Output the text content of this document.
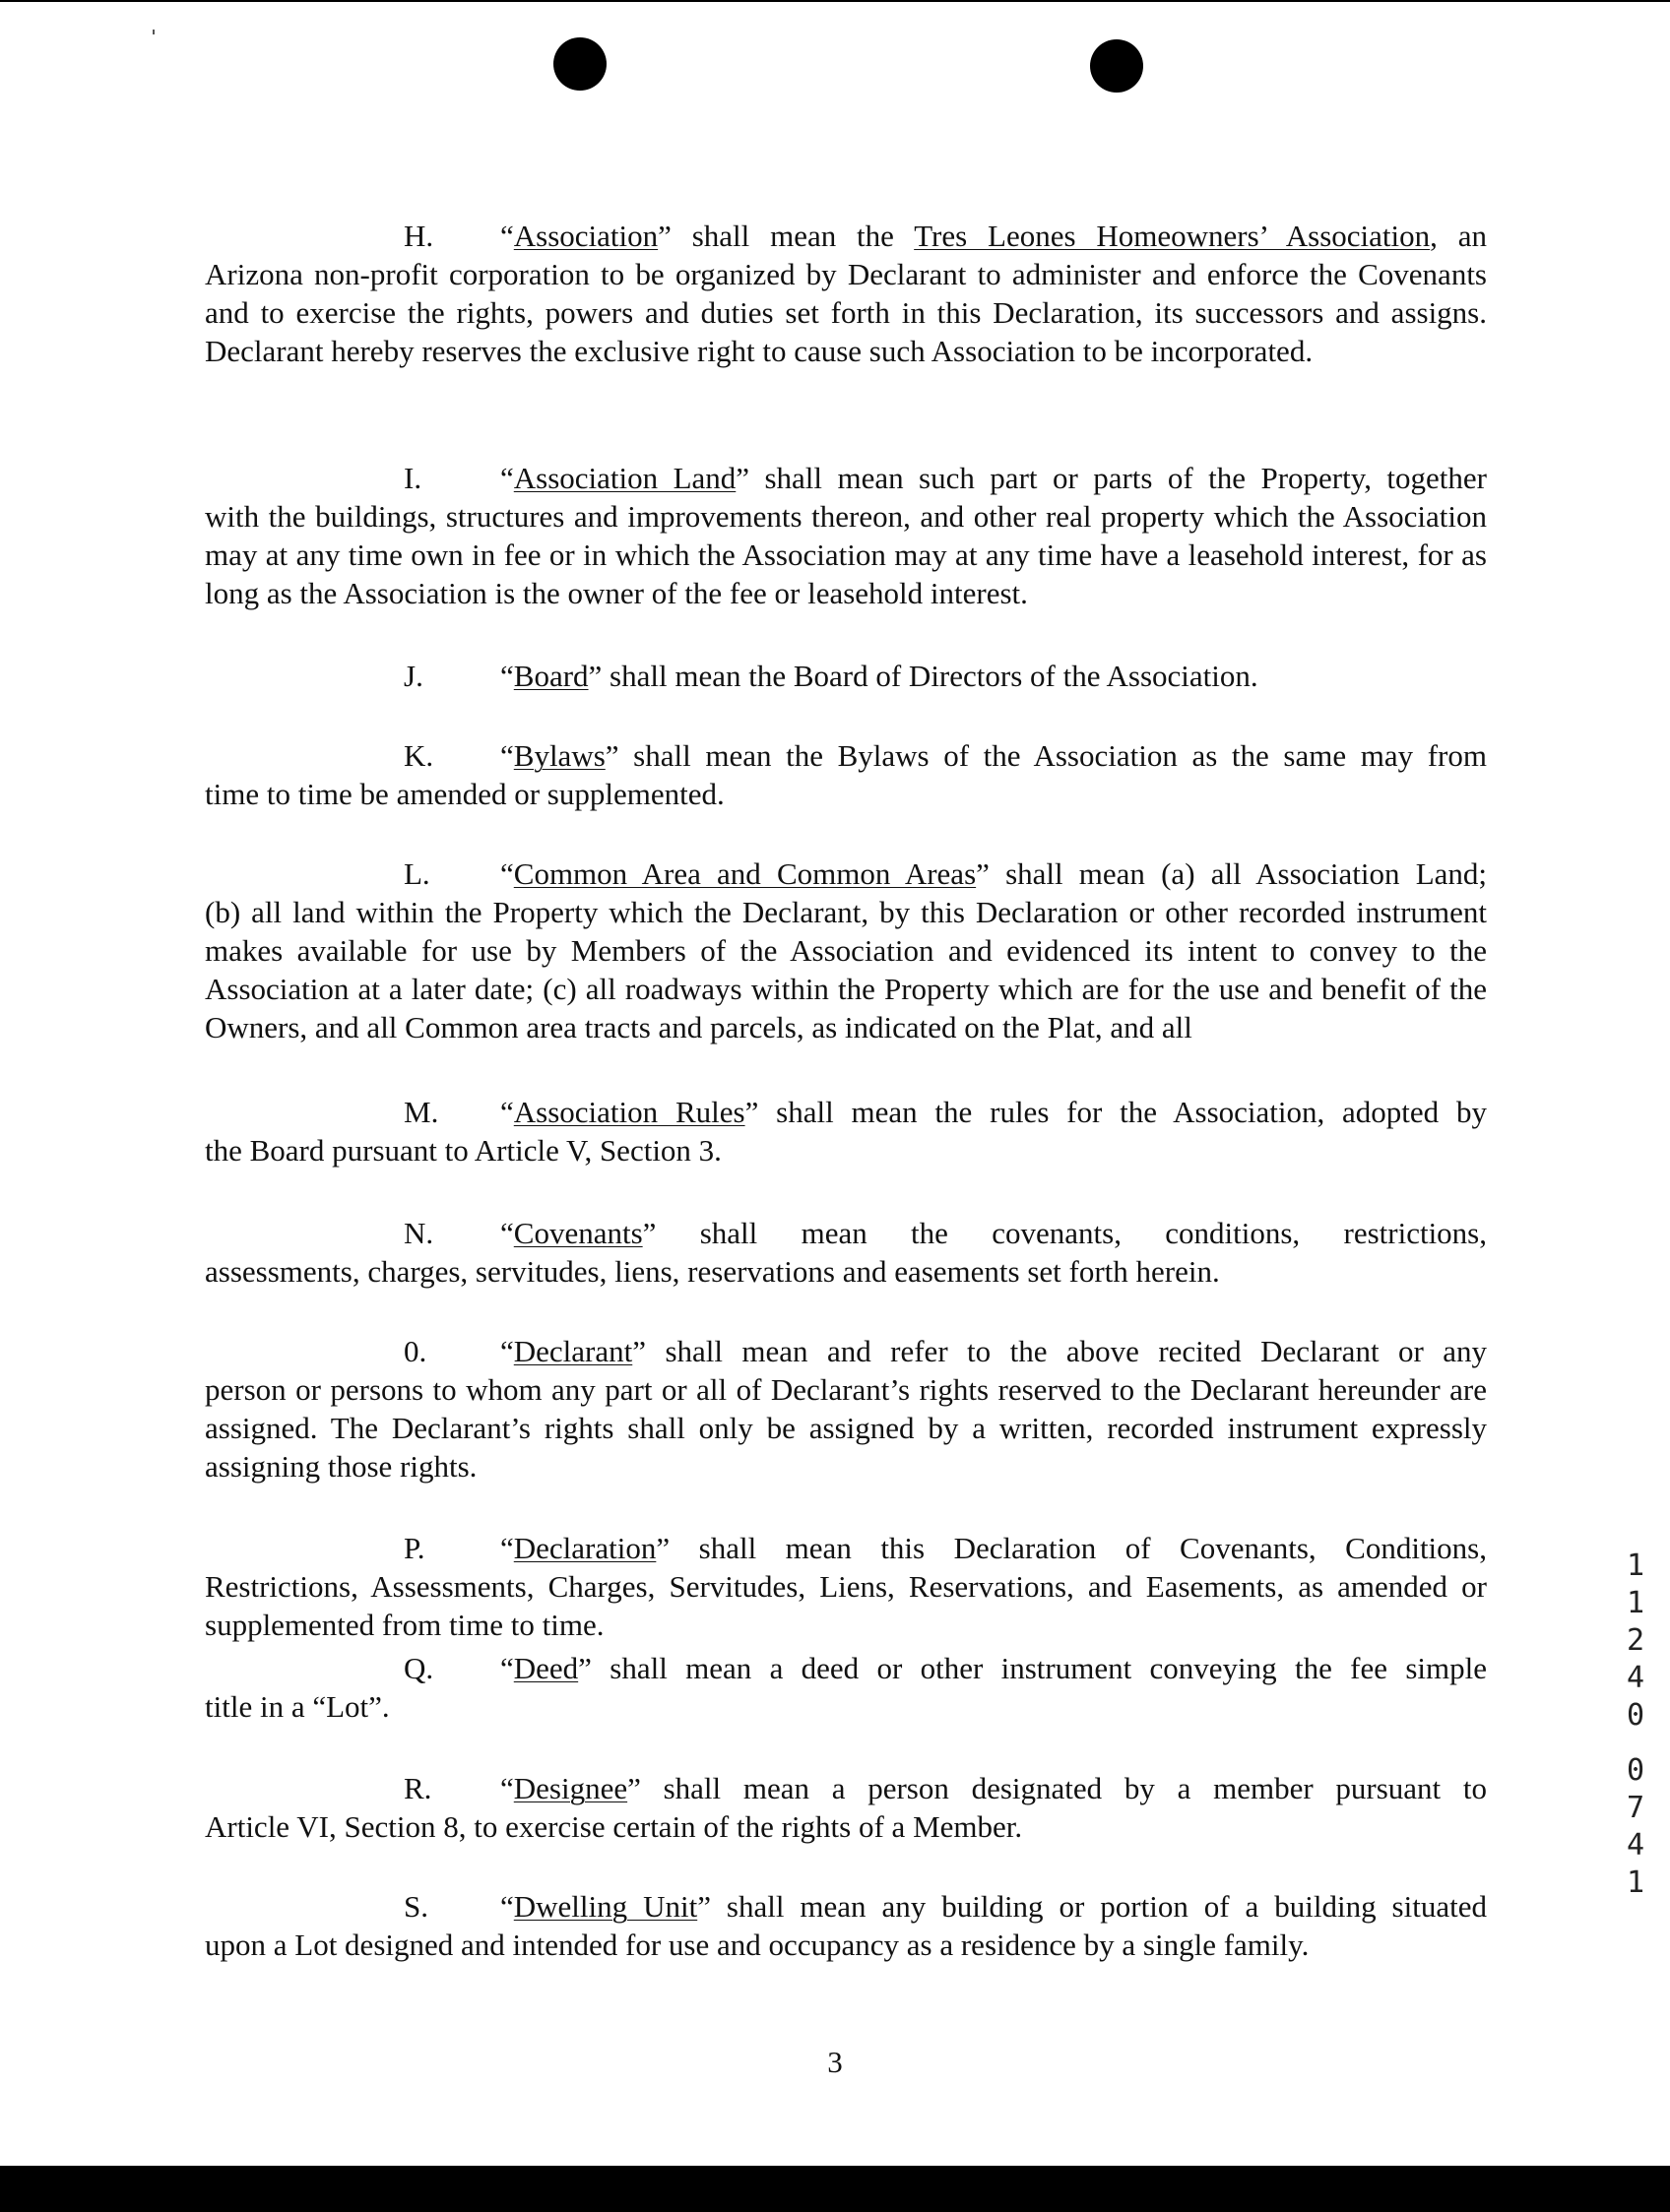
H. “Association” shall mean the Tres Leones Homeowners’ Association, an
Arizona non-profit corporation to be organized by Declarant to administer and enforce the Covenants and to exercise the rights, powers and duties set forth in this Declaration, its successors and assigns. Declarant hereby reserves the exclusive right to cause such Association to be incorporated.
I.	“Association Land” shall mean such part or parts of the Property, together
with the buildings, structures and improvements thereon, and other real property which the Association may at any time own in fee or in which the Association may at any time have a leasehold interest, for as long as the Association is the owner of the fee or leasehold interest.
J.	“Board” shall mean the Board of Directors of the Association.
K. “Bylaws” shall mean the Bylaws of the Association as the same may from
time to time be amended or supplemented.
L. “Common Area and Common Areas” shall mean (a) all Association Land;
(b) all land within the Property which the Declarant, by this Declaration or other recorded instrument makes available for use by Members of the Association and evidenced its intent to convey to the Association at a later date; (c) all roadways within the Property which are for the use and benefit of the Owners, and all Common area tracts and parcels, as indicated on the Plat, and all
M. “Association Rules” shall mean the rules for the Association, adopted by
the Board pursuant to Article V, Section 3.
N. “Covenants” shall mean the covenants, conditions, restrictions,
assessments, charges, servitudes, liens, reservations and easements set forth herein.
0. “Declarant” shall mean and refer to the above recited Declarant or any
person or persons to whom any part or all of Declarant’s rights reserved to the Declarant hereunder are assigned. The Declarant’s rights shall only be assigned by a written, recorded instrument expressly assigning those rights.
P. “Declaration” shall mean this Declaration of Covenants, Conditions,
Restrictions, Assessments, Charges, Servitudes, Liens, Reservations, and Easements, as amended or supplemented from time to time.
Q. “Deed” shall mean a deed or other instrument conveying the fee simple
title in a “Lot”.
R. “Designee” shall mean a person designated by a member pursuant to
Article VI, Section 8, to exercise certain of the rights of a Member.
S. “Dwelling Unit” shall mean any building or portion of a building situated
upon a Lot designed and intended for use and occupancy as a residence by a single family.
1
1
2
4
0
0
7
4
1
3
